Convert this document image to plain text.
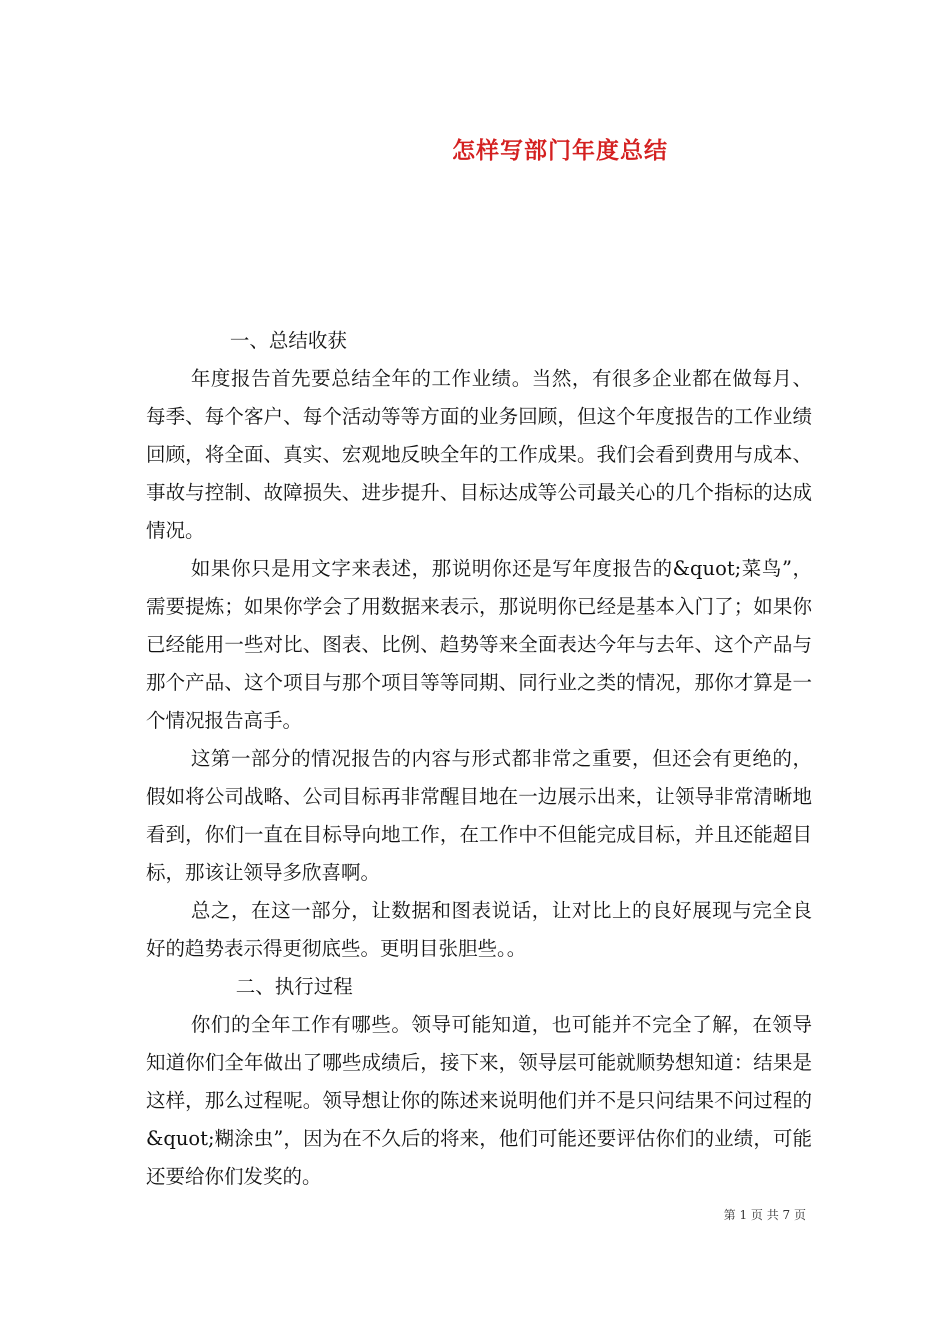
怎样写部门年度总结

一、总结收获

年度报告首先要总结全年的工作业绩。当然，有很多企业都在做每月、每季、每个客户、每个活动等等方面的业务回顾，但这个年度报告的工作业绩回顾，将全面、真实、宏观地反映全年的工作成果。我们会看到费用与成本、事故与控制、故障损失、进步提升、目标达成等公司最关心的几个指标的达成情况。

如果你只是用文字来表述，那说明你还是写年度报告的&quot;菜鸟”，需要提炼；如果你学会了用数据来表示，那说明你已经是基本入门了；如果你已经能用一些对比、图表、比例、趋势等来全面表达今年与去年、这个产品与那个产品、这个项目与那个项目等等同期、同行业之类的情况，那你才算是一个情况报告高手。

这第一部分的情况报告的内容与形式都非常之重要，但还会有更绝的，假如将公司战略、公司目标再非常醒目地在一边展示出来，让领导非常清晰地看到，你们一直在目标导向地工作，在工作中不但能完成目标，并且还能超目标，那该让领导多欣喜啊。

总之，在这一部分，让数据和图表说话，让对比上的良好展现与完全良好的趋势表示得更彻底些。更明目张胆些。。

二、执行过程

你们的全年工作有哪些。领导可能知道，也可能并不完全了解，在领导知道你们全年做出了哪些成绩后，接下来，领导层可能就顺势想知道：结果是这样，那么过程呢。领导想让你的陈述来说明他们并不是只问结果不问过程的&quot;糊涂虫”，因为在不久后的将来，他们可能还要评估你们的业绩，可能还要给你们发奖的。

第 1 页 共 7 页
